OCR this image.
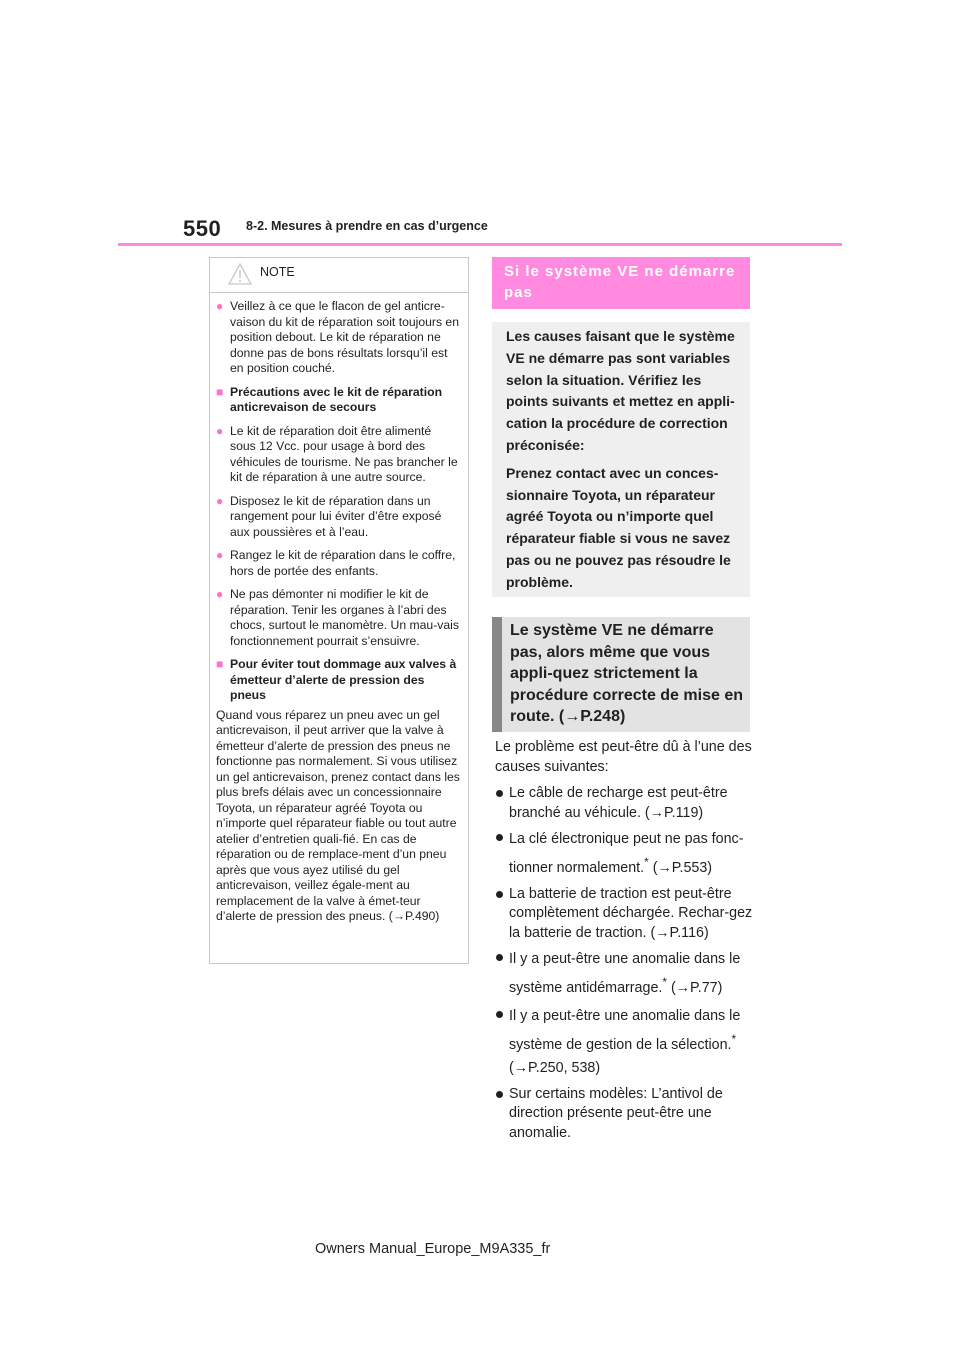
550 8-2. Mesures à prendre en cas d’urgence
NOTE
● Veillez à ce que le flacon de gel anticre-vaison du kit de réparation soit toujours en position debout. Le kit de réparation ne donne pas de bons résultats lorsqu’il est en position couché.
■ Précautions avec le kit de réparation anticrevaison de secours
● Le kit de réparation doit être alimenté sous 12 Vcc. pour usage à bord des véhicules de tourisme. Ne pas brancher le kit de réparation à une autre source.
● Disposez le kit de réparation dans un rangement pour lui éviter d’être exposé aux poussières et à l’eau.
● Rangez le kit de réparation dans le coffre, hors de portée des enfants.
● Ne pas démonter ni modifier le kit de réparation. Tenir les organes à l’abri des chocs, surtout le manomètre. Un mau-vais fonctionnement pourrait s’ensuivre.
■ Pour éviter tout dommage aux valves à émetteur d’alerte de pression des pneus
Quand vous réparez un pneu avec un gel anticrevaison, il peut arriver que la valve à émetteur d’alerte de pression des pneus ne fonctionne pas normalement. Si vous utilisez un gel anticrevaison, prenez contact dans les plus brefs délais avec un concessionnaire Toyota, un réparateur agréé Toyota ou n’importe quel réparateur fiable ou tout autre atelier d’entretien quali-fié. En cas de réparation ou de remplace-ment d’un pneu après que vous ayez utilisé du gel anticrevaison, veillez égale-ment au remplacement de la valve à émet-teur d’alerte de pression des pneus. (→P.490)
Si le système VE ne démarre pas

Les causes faisant que le système VE ne démarre pas sont variables selon la situation. Vérifiez les points suivants et mettez en appli-cation la procédure de correction préconisée:

Prenez contact avec un conces-sionnaire Toyota, un réparateur agréé Toyota ou n’importe quel réparateur fiable si vous ne savez pas ou ne pouvez pas résoudre le problème.

Le système VE ne démarre pas, alors même que vous appli-quez strictement la procédure correcte de mise en route. (→P.248)

Le problème est peut-être dû à l’une des causes suivantes:

Le câble de recharge est peut-être branché au véhicule. (→P.119)
La clé électronique peut ne pas fonc-tionner normalement.* (→P.553)
La batterie de traction est peut-être complètement déchargée. Rechar-gez la batterie de traction. (→P.116)
Il y a peut-être une anomalie dans le système antidémarrage.* (→P.77)
Il y a peut-être une anomalie dans le système de gestion de la sélection.* (→P.250, 538)
Sur certains modèles: L’antivol de direction présente peut-être une anomalie.
Owners Manual_Europe_M9A335_fr
